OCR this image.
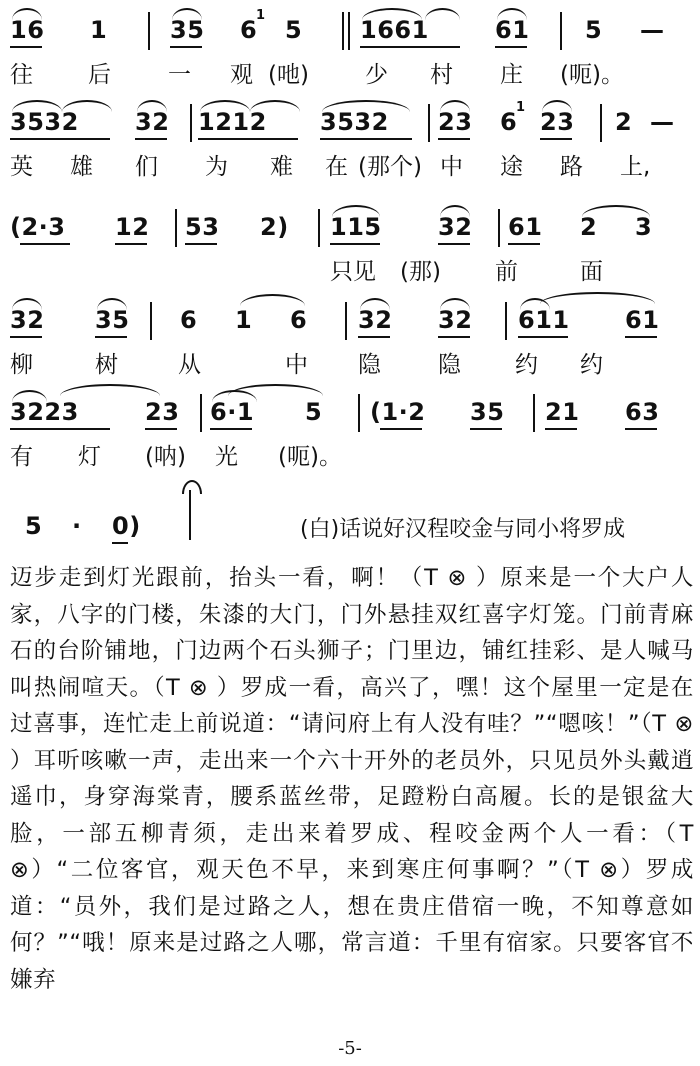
16

1

	35

6

1

5

1661

	61

5

—

往 后 一 观 (吔) 少 村 庄 (呃)。

3532

32

1212

3532

23

6

1

23

2

—

英 雄 们 为 难 在 (那个) 中 途 路 上,

(2·3

12

53

2)

115

32

61

2

3

只见 (那) 前	面

32

35

6

1

6

32

32

611

61

柳	树	从	中 隐 隐 约 约

3223

	23

6·1

5

(1·2

35

21

63

有 灯 (呐) 光 (呃)。

5

·

0)

	(白)话说好汉程咬金与同小将罗成
迈步走到灯光跟前，抬头一看，啊！（T ⊗ ）原来是一个大户人家，八字的门楼，朱漆的大门，门外悬挂双红喜字灯笼。门前青麻石的台阶铺地，门边两个石头狮子；门里边，铺红挂彩、是人喊马叫热闹喧天。（T ⊗ ）罗成一看，高兴了，嘿！这个屋里一定是在过喜事，连忙走上前说道：“请问府上有人没有哇？”“嗯咳！”（T ⊗ ）耳听咳嗽一声，走出来一个六十开外的老员外，只见员外头戴逍遥巾，身穿海棠青，腰系蓝丝带，足蹬粉白高履。长的是银盆大脸，一部五柳青须，走出来着罗成、程咬金两个人一看：（T ⊗）“二位客官，观天色不早，来到寒庄何事啊？”（T ⊗）罗成道：“员外，我们是过路之人，想在贵庄借宿一晚，不知尊意如何？”“哦！原来是过路之人哪，常言道：千里有宿家。只要客官不嫌弃
-5-
